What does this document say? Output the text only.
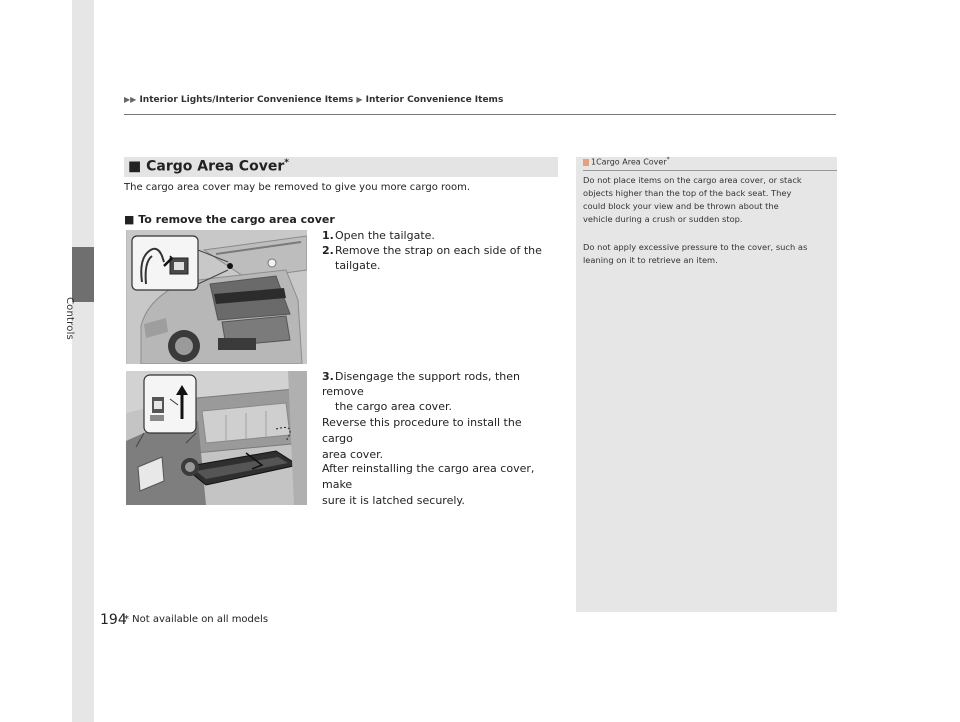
Controls
▶▶ Interior Lights/Interior Convenience Items ▶ Interior Convenience Items
■ Cargo Area Cover*
The cargo area cover may be removed to give you more cargo room.
■ To remove the cargo area cover
1.Open the tailgate.
2.Remove the strap on each side of the
tailgate.
3.Disengage the support rods, then remove
the cargo area cover.
Reverse this procedure to install the cargo
area cover.
After reinstalling the cargo area cover, make
sure it is latched securely.
1Cargo Area Cover*
Do not place items on the cargo area cover, or stack
objects higher than the top of the back seat. They
could block your view and be thrown about the
vehicle during a crush or sudden stop.
Do not apply excessive pressure to the cover, such as
leaning on it to retrieve an item.
194
* Not available on all models
